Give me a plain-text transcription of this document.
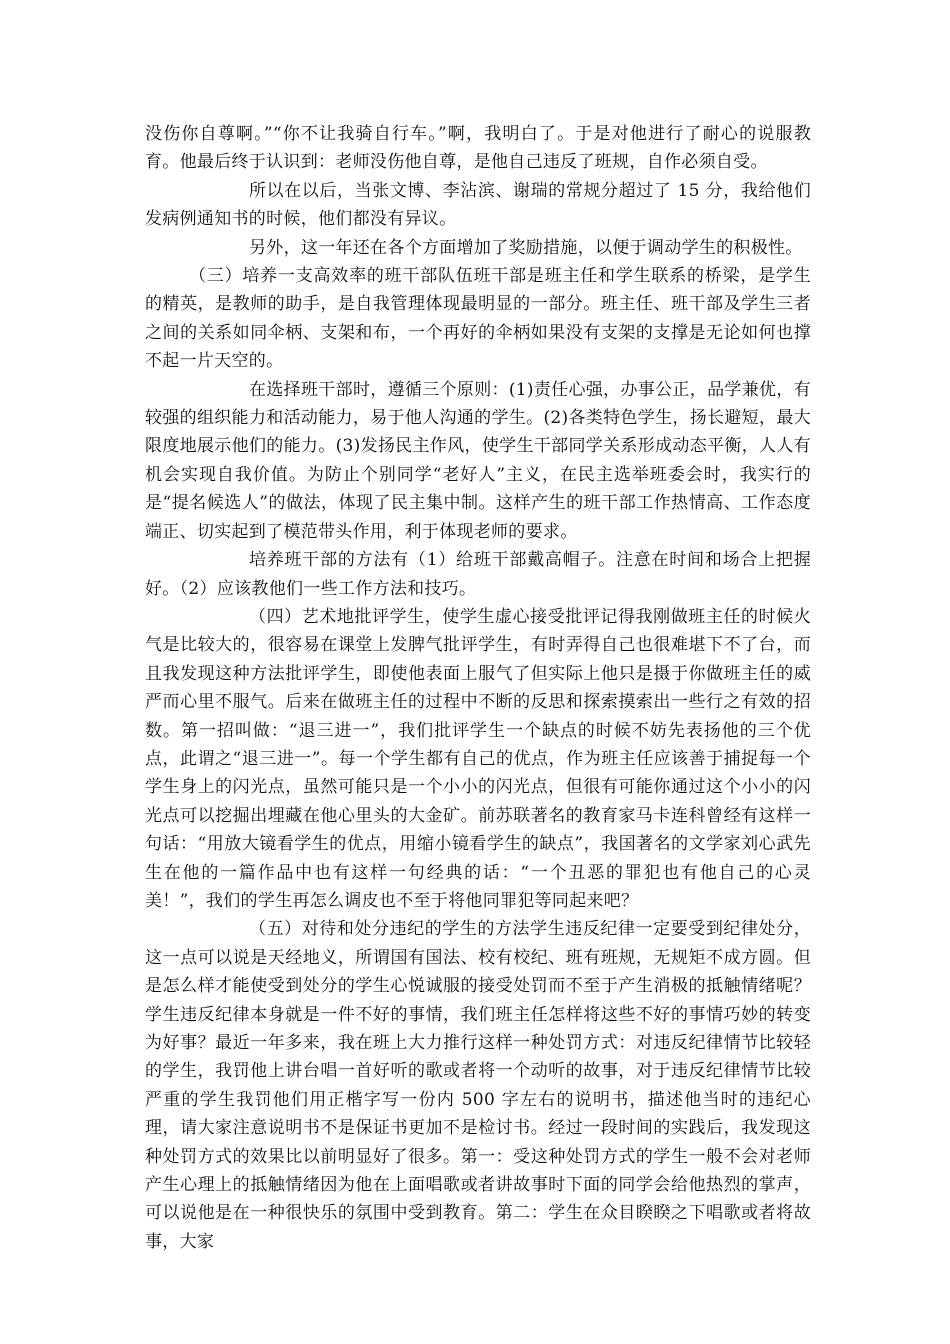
没伤你自尊啊。”“你不让我骑自行车。”啊，我明白了。于是对他进行了耐心的说服教育。他最后终于认识到：老师没伤他自尊，是他自己违反了班规，自作必须自受。

所以在以后，当张文博、李沾滨、谢瑞的常规分超过了 15 分，我给他们发病例通知书的时候，他们都没有异议。

另外，这一年还在各个方面增加了奖励措施，以便于调动学生的积极性。

（三）培养一支高效率的班干部队伍班干部是班主任和学生联系的桥梁，是学生的精英，是教师的助手，是自我管理体现最明显的一部分。班主任、班干部及学生三者之间的关系如同伞柄、支架和布，一个再好的伞柄如果没有支架的支撑是无论如何也撑不起一片天空的。

在选择班干部时，遵循三个原则：(1)责任心强，办事公正，品学兼优，有较强的组织能力和活动能力，易于他人沟通的学生。(2)各类特色学生，扬长避短，最大限度地展示他们的能力。(3)发扬民主作风，使学生干部同学关系形成动态平衡，人人有机会实现自我价值。为防止个别同学“老好人”主义，在民主选举班委会时，我实行的是“提名候选人”的做法，体现了民主集中制。这样产生的班干部工作热情高、工作态度端正、切实起到了模范带头作用，利于体现老师的要求。

培养班干部的方法有（1）给班干部戴高帽子。注意在时间和场合上把握好。（2）应该教他们一些工作方法和技巧。

（四）艺术地批评学生，使学生虚心接受批评记得我刚做班主任的时候火气是比较大的，很容易在课堂上发脾气批评学生，有时弄得自己也很难堪下不了台，而且我发现这种方法批评学生，即使他表面上服气了但实际上他只是摄于你做班主任的威严而心里不服气。后来在做班主任的过程中不断的反思和探索摸索出一些行之有效的招数。第一招叫做：“退三进一”，我们批评学生一个缺点的时候不妨先表扬他的三个优点，此谓之“退三进一”。每一个学生都有自己的优点，作为班主任应该善于捕捉每一个学生身上的闪光点，虽然可能只是一个小小的闪光点，但很有可能你通过这个小小的闪光点可以挖掘出埋藏在他心里头的大金矿。前苏联著名的教育家马卡连科曾经有这样一句话：“用放大镜看学生的优点，用缩小镜看学生的缺点”，我国著名的文学家刘心武先生在他的一篇作品中也有这样一句经典的话：“一个丑恶的罪犯也有他自己的心灵美！”，我们的学生再怎么调皮也不至于将他同罪犯等同起来吧？

（五）对待和处分违纪的学生的方法学生违反纪律一定要受到纪律处分，这一点可以说是天经地义，所谓国有国法、校有校纪、班有班规，无规矩不成方圆。但是怎么样才能使受到处分的学生心悦诚服的接受处罚而不至于产生消极的抵触情绪呢？学生违反纪律本身就是一件不好的事情，我们班主任怎样将这些不好的事情巧妙的转变为好事？最近一年多来，我在班上大力推行这样一种处罚方式：对违反纪律情节比较轻的学生，我罚他上讲台唱一首好听的歌或者将一个动听的故事，对于违反纪律情节比较严重的学生我罚他们用正楷字写一份内 500 字左右的说明书，描述他当时的违纪心理，请大家注意说明书不是保证书更加不是检讨书。经过一段时间的实践后，我发现这种处罚方式的效果比以前明显好了很多。第一：受这种处罚方式的学生一般不会对老师产生心理上的抵触情绪因为他在上面唱歌或者讲故事时下面的同学会给他热烈的掌声，可以说他是在一种很快乐的氛围中受到教育。第二：学生在众目睽睽之下唱歌或者将故事，大家
